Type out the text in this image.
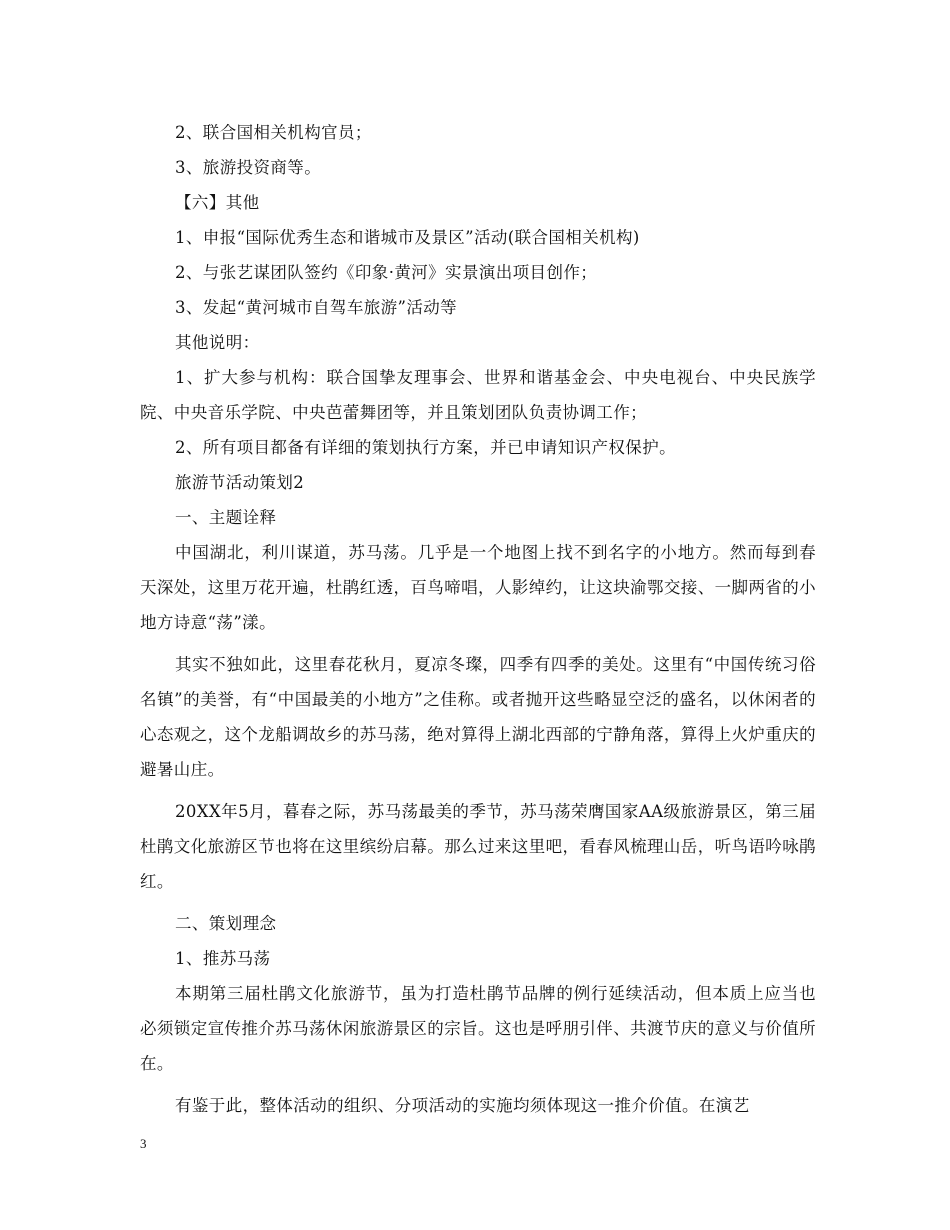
2、联合国相关机构官员；

3、旅游投资商等。

【六】其他

1、申报“国际优秀生态和谐城市及景区”活动(联合国相关机构)

2、与张艺谋团队签约《印象·黄河》实景演出项目创作；

3、发起“黄河城市自驾车旅游”活动等

其他说明：

1、扩大参与机构：联合国挚友理事会、世界和谐基金会、中央电视台、中央民族学院、中央音乐学院、中央芭蕾舞团等，并且策划团队负责协调工作；

2、所有项目都备有详细的策划执行方案，并已申请知识产权保护。

旅游节活动策划2

一、主题诠释

中国湖北，利川谋道，苏马荡。几乎是一个地图上找不到名字的小地方。然而每到春天深处，这里万花开遍，杜鹃红透，百鸟啼唱，人影绰约，让这块渝鄂交接、一脚两省的小地方诗意“荡”漾。

其实不独如此，这里春花秋月，夏凉冬璨，四季有四季的美处。这里有“中国传统习俗名镇”的美誉，有“中国最美的小地方”之佳称。或者抛开这些略显空泛的盛名，以休闲者的心态观之，这个龙船调故乡的苏马荡，绝对算得上湖北西部的宁静角落，算得上火炉重庆的避暑山庄。

20XX年5月，暮春之际，苏马荡最美的季节，苏马荡荣膺国家AA级旅游景区，第三届杜鹃文化旅游区节也将在这里缤纷启幕。那么过来这里吧，看春风梳理山岳，听鸟语吟咏鹃红。

二、策划理念

1、推苏马荡

本期第三届杜鹃文化旅游节，虽为打造杜鹃节品牌的例行延续活动，但本质上应当也必须锁定宣传推介苏马荡休闲旅游景区的宗旨。这也是呼朋引伴、共渡节庆的意义与价值所在。

有鉴于此，整体活动的组织、分项活动的实施均须体现这一推介价值。在演艺

3
